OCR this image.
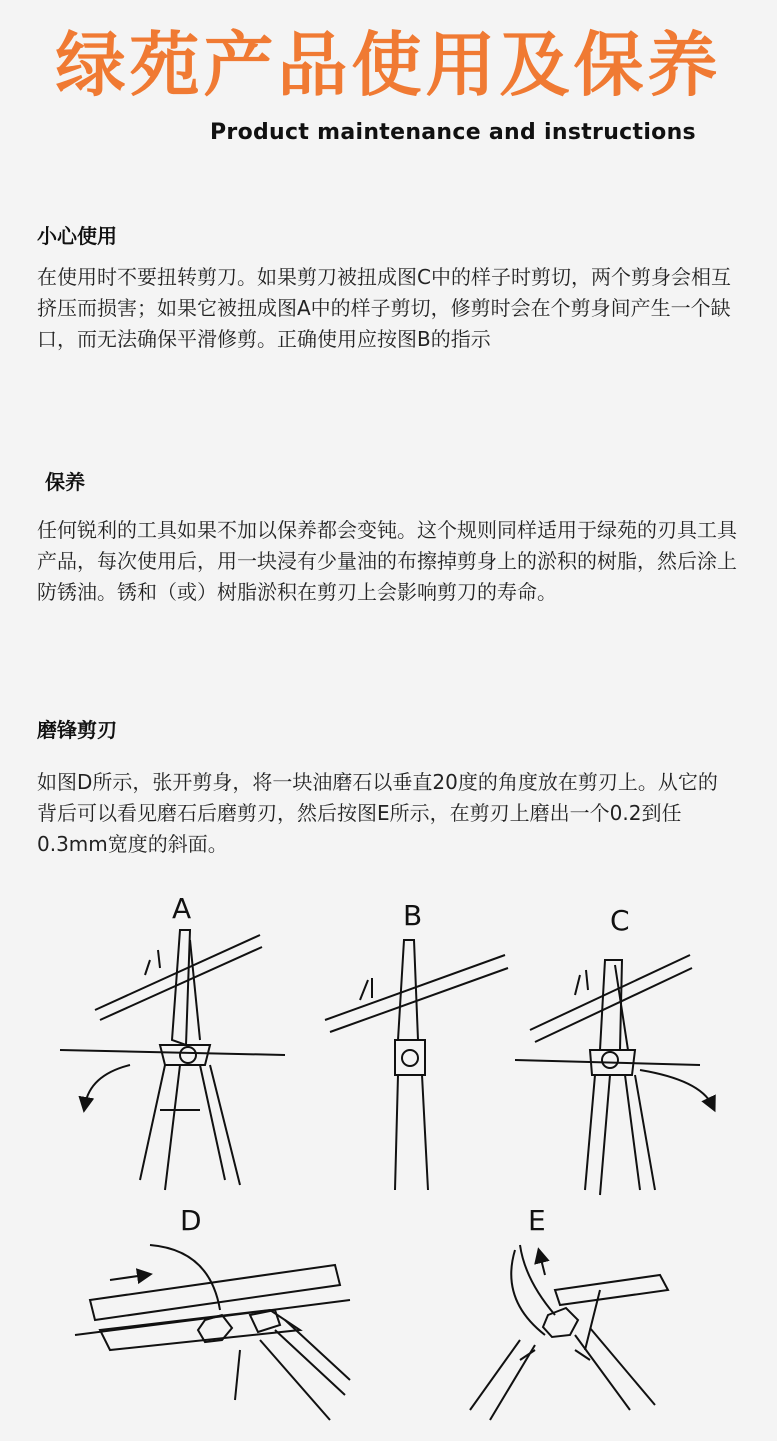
绿苑产品使用及保养
Product maintenance and instructions
小心使用

在使用时不要扭转剪刀。如果剪刀被扭成图C中的样子时剪切，两个剪身会相互挤压而损害；如果它被扭成图A中的样子剪切，修剪时会在个剪身间产生一个缺口，而无法确保平滑修剪。正确使用应按图B的指示

保养

任何锐利的工具如果不加以保养都会变钝。这个规则同样适用于绿苑的刃具工具产品，每次使用后，用一块浸有少量油的布擦掉剪身上的淤积的树脂，然后涂上防锈油。锈和（或）树脂淤积在剪刃上会影响剪刀的寿命。

磨锋剪刃

如图D所示，张开剪身，将一块油磨石以垂直20度的角度放在剪刃上。从它的背后可以看见磨石后磨剪刃，然后按图E所示，在剪刃上磨出一个0.2到任0.3mm宽度的斜面。

A	B	C
D	E
